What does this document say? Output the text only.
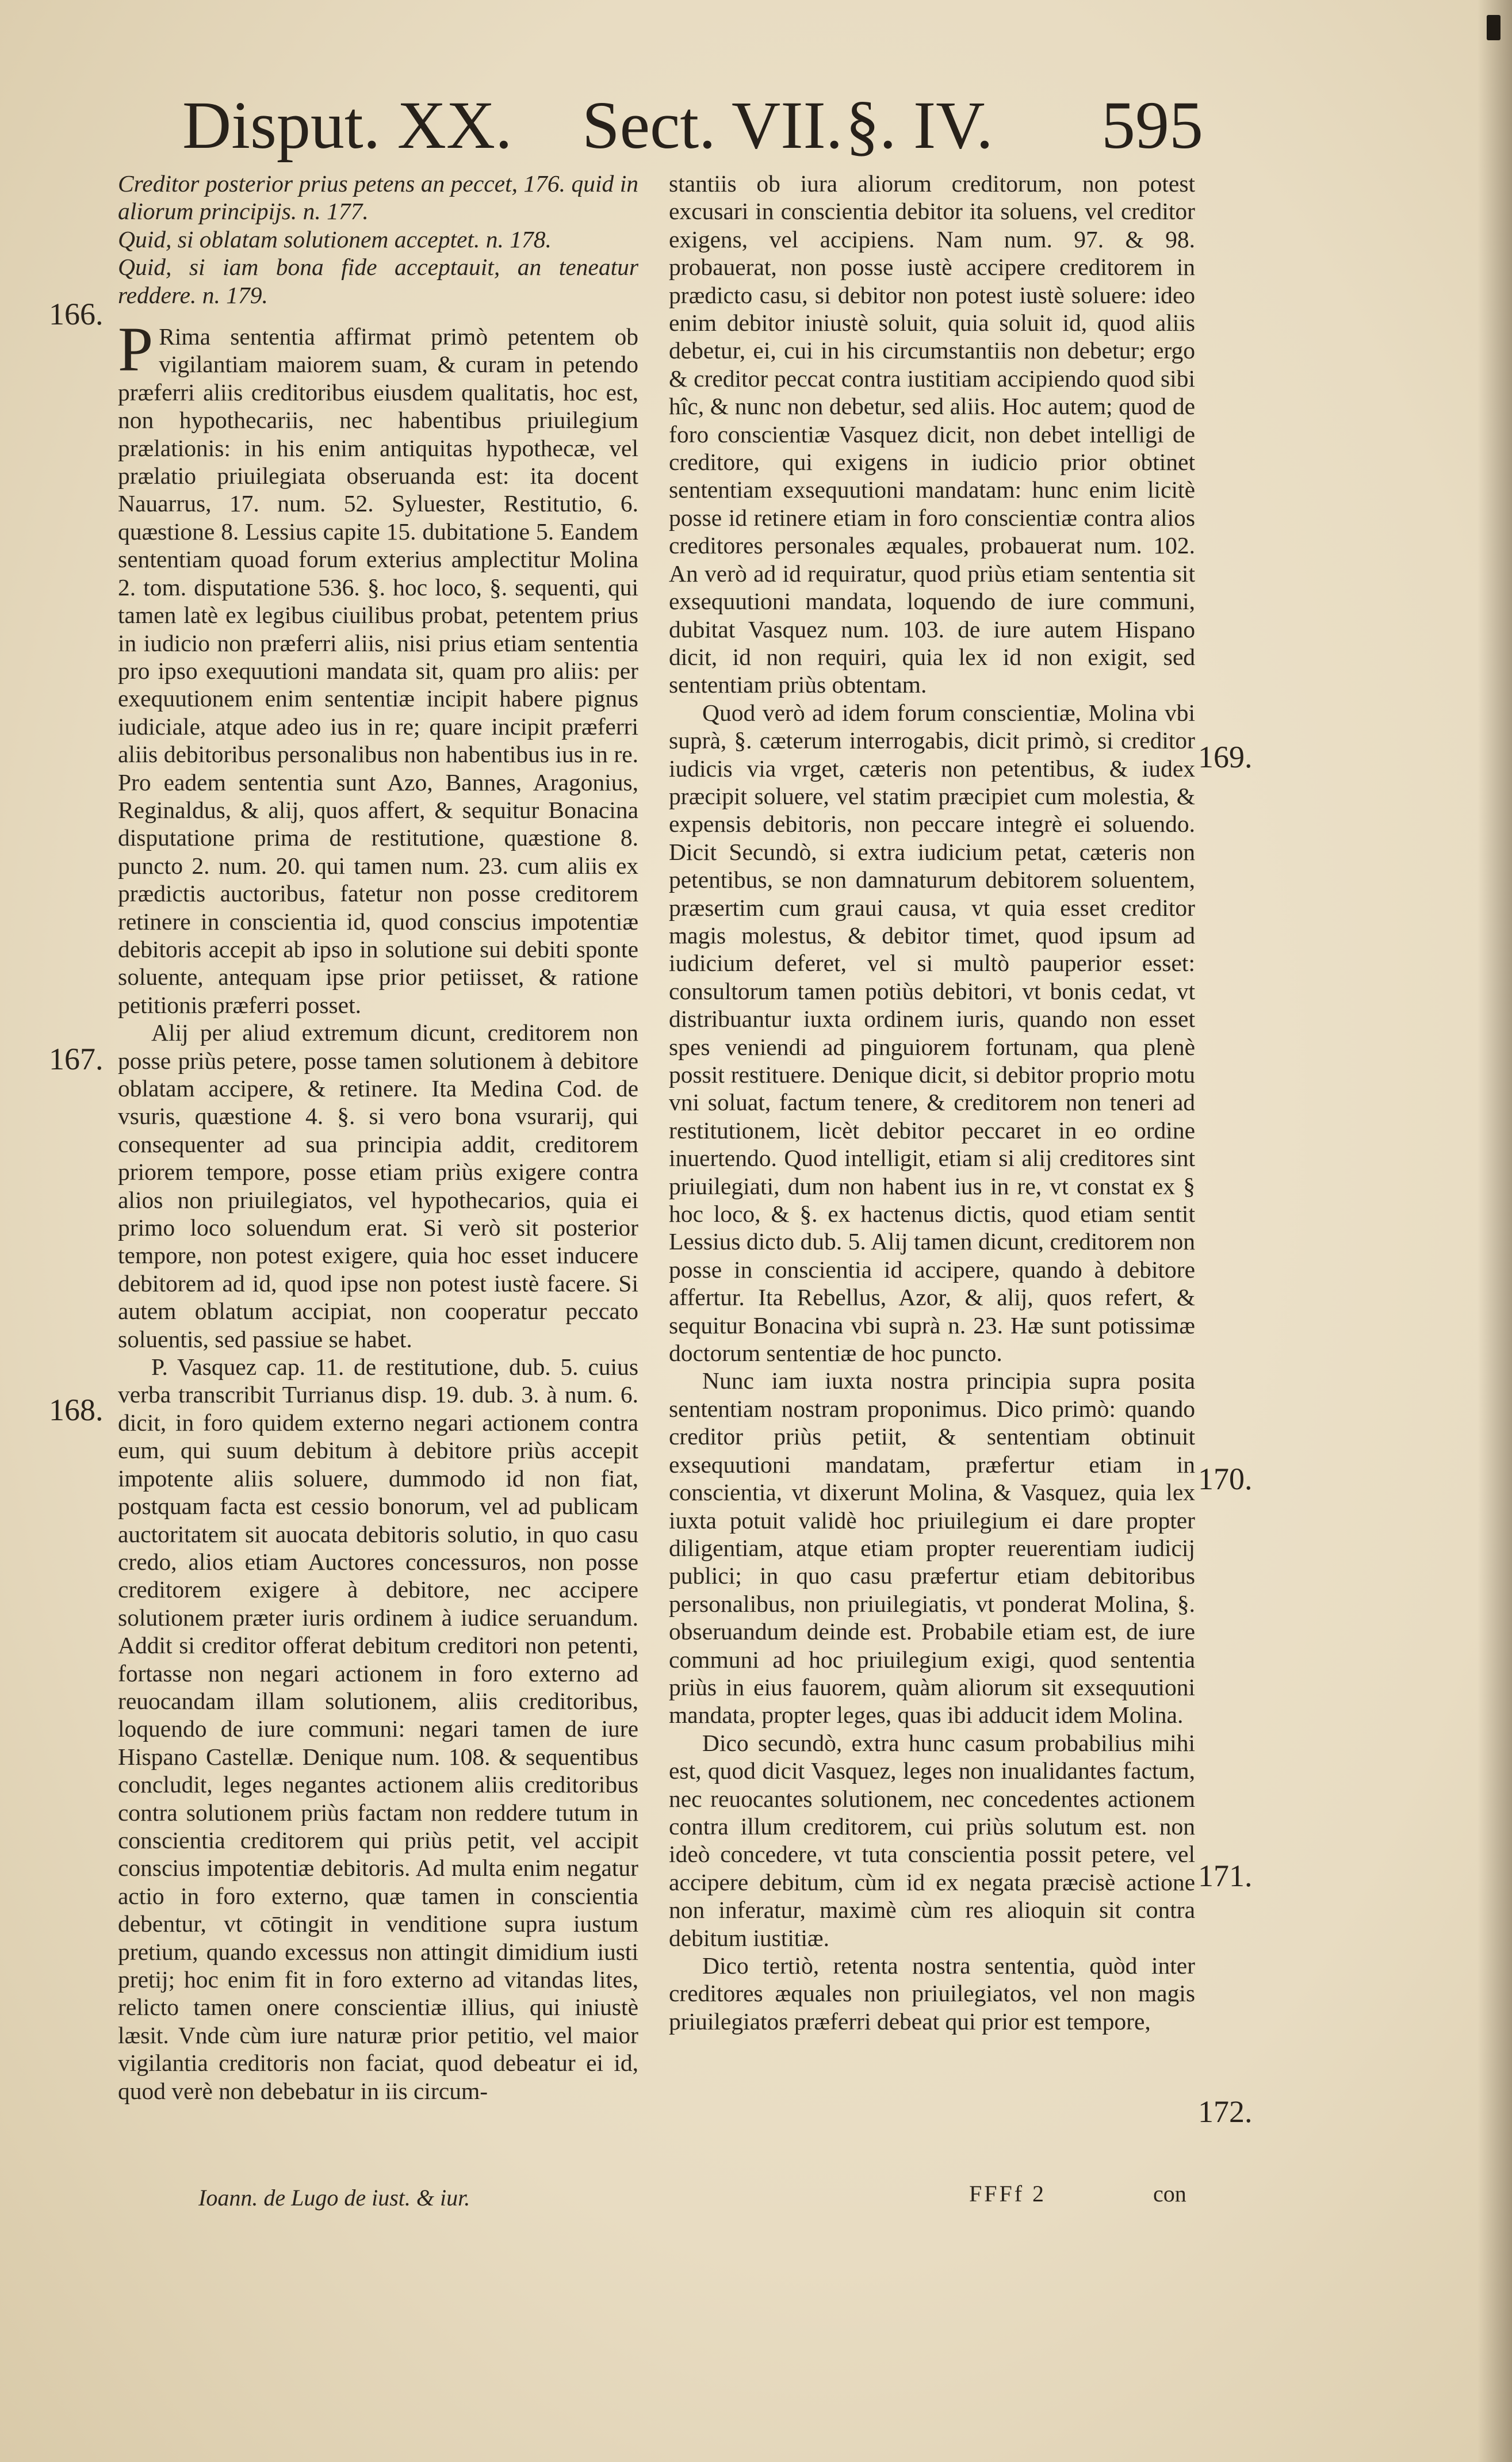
Disput. XX. Sect. VII. §. IV. 595

Creditor posterior prius petens an peccet, 176. quid in aliorum principijs. n. 177.

Quid, si oblatam solutionem acceptet. n. 178.

Quid, si iam bona fide acceptauit, an teneatur reddere. n. 179.

P Rima sententia affirmat primò petentem ob vigilantiam maiorem suam, & curam in petendo præferri aliis creditoribus eiusdem qualitatis, hoc est, non hypothecariis, nec habentibus priuilegium prælationis: in his enim antiquitas hypothecæ, vel prælatio priuilegiata obseruanda est: ita docent Nauarrus, 17. num. 52. Syluester, Restitutio, 6. quæstione 8. Lessius capite 15. dubitatione 5. Eandem sententiam quoad forum exterius amplectitur Molina 2. tom. disputatione 536. §. hoc loco, §. sequenti, qui tamen latè ex legibus ciuilibus probat, petentem prius in iudicio non præferri aliis, nisi prius etiam sententia pro ipso exequutioni mandata sit, quam pro aliis: per exequutionem enim sententiæ incipit habere pignus iudiciale, atque adeo ius in re; quare incipit præferri aliis debitoribus personalibus non habentibus ius in re. Pro eadem sententia sunt Azo, Bannes, Aragonius, Reginaldus, & alij, quos affert, & sequitur Bonacina disputatione prima de restitutione, quæstione 8. puncto 2. num. 20. qui tamen num. 23. cum aliis ex prædictis auctoribus, fatetur non posse creditorem retinere in conscientia id, quod conscius impotentiæ debitoris accepit ab ipso in solutione sui debiti sponte soluente, antequam ipse prior petiisset, & ratione petitionis præferri posset.

Alij per aliud extremum dicunt, creditorem non posse priùs petere, posse tamen solutionem à debitore oblatam accipere, & retinere. Ita Medina Cod. de vsuris, quæstione 4. §. si vero bona vsurarij, qui consequenter ad sua principia addit, creditorem priorem tempore, posse etiam priùs exigere contra alios non priuilegiatos, vel hypothecarios, quia ei primo loco soluendum erat. Si verò sit posterior tempore, non potest exigere, quia hoc esset inducere debitorem ad id, quod ipse non potest iustè facere. Si autem oblatum accipiat, non cooperatur peccato soluentis, sed passiue se habet.

P. Vasquez cap. 11. de restitutione, dub. 5. cuius verba transcribit Turrianus disp. 19. dub. 3. à num. 6. dicit, in foro quidem externo negari actionem contra eum, qui suum debitum à debitore priùs accepit impotente aliis soluere, dummodo id non fiat, postquam facta est cessio bonorum, vel ad publicam auctoritatem sit auocata debitoris solutio, in quo casu credo, alios etiam Auctores concessuros, non posse creditorem exigere à debitore, nec accipere solutionem præter iuris ordinem à iudice seruandum. Addit si creditor offerat debitum creditori non petenti, fortasse non negari actionem in foro externo ad reuocandam illam solutionem, aliis creditoribus, loquendo de iure communi: negari tamen de iure Hispano Castellæ. Denique num. 108. & sequentibus concludit, leges negantes actionem aliis creditoribus contra solutionem priùs factam non reddere tutum in conscientia creditorem qui priùs petit, vel accipit conscius impotentiæ debitoris. Ad multa enim negatur actio in foro externo, quæ tamen in conscientia debentur, vt cōtingit in venditione supra iustum pretium, quando excessus non attingit dimidium iusti pretij; hoc enim fit in foro externo ad vitandas lites, relicto tamen onere conscientiæ illius, qui iniustè læsit. Vnde cùm iure naturæ prior petitio, vel maior vigilantia creditoris non faciat, quod debeatur ei id, quod verè non debebatur in iis circum-

stantiis ob iura aliorum creditorum, non potest excusari in conscientia debitor ita soluens, vel creditor exigens, vel accipiens. Nam num. 97. & 98. probauerat, non posse iustè accipere creditorem in prædicto casu, si debitor non potest iustè soluere: ideo enim debitor iniustè soluit, quia soluit id, quod aliis debetur, ei, cui in his circumstantiis non debetur; ergo & creditor peccat contra iustitiam accipiendo quod sibi hîc, & nunc non debetur, sed aliis. Hoc autem; quod de foro conscientiæ Vasquez dicit, non debet intelligi de creditore, qui exigens in iudicio prior obtinet sententiam exsequutioni mandatam: hunc enim licitè posse id retinere etiam in foro conscientiæ contra alios creditores personales æquales, probauerat num. 102. An verò ad id requiratur, quod priùs etiam sententia sit exsequutioni mandata, loquendo de iure communi, dubitat Vasquez num. 103. de iure autem Hispano dicit, id non requiri, quia lex id non exigit, sed sententiam priùs obtentam.

Quod verò ad idem forum conscientiæ, Molina vbi suprà, §. cæterum interrogabis, dicit primò, si creditor iudicis via vrget, cæteris non petentibus, & iudex præcipit soluere, vel statim præcipiet cum molestia, & expensis debitoris, non peccare integrè ei soluendo. Dicit Secundò, si extra iudicium petat, cæteris non petentibus, se non damnaturum debitorem soluentem, præsertim cum graui causa, vt quia esset creditor magis molestus, & debitor timet, quod ipsum ad iudicium deferet, vel si multò pauperior esset: consultorum tamen potiùs debitori, vt bonis cedat, vt distribuantur iuxta ordinem iuris, quando non esset spes veniendi ad pinguiorem fortunam, qua plenè possit restituere. Denique dicit, si debitor proprio motu vni soluat, factum tenere, & creditorem non teneri ad restitutionem, licèt debitor peccaret in eo ordine inuertendo. Quod intelligit, etiam si alij creditores sint priuilegiati, dum non habent ius in re, vt constat ex § hoc loco, & §. ex hactenus dictis, quod etiam sentit Lessius dicto dub. 5. Alij tamen dicunt, creditorem non posse in conscientia id accipere, quando à debitore affertur. Ita Rebellus, Azor, & alij, quos refert, & sequitur Bonacina vbi suprà n. 23. Hæ sunt potissimæ doctorum sententiæ de hoc puncto.

Nunc iam iuxta nostra principia supra posita sententiam nostram proponimus. Dico primò: quando creditor priùs petiit, & sententiam obtinuit exsequutioni mandatam, præfertur etiam in conscientia, vt dixerunt Molina, & Vasquez, quia lex iuxta potuit validè hoc priuilegium ei dare propter diligentiam, atque etiam propter reuerentiam iudicij publici; in quo casu præfertur etiam debitoribus personalibus, non priuilegiatis, vt ponderat Molina, §. obseruandum deinde est. Probabile etiam est, de iure communi ad hoc priuilegium exigi, quod sententia priùs in eius fauorem, quàm aliorum sit exsequutioni mandata, propter leges, quas ibi adducit idem Molina.

Dico secundò, extra hunc casum probabilius mihi est, quod dicit Vasquez, leges non inualidantes factum, nec reuocantes solutionem, nec concedentes actionem contra illum creditorem, cui priùs solutum est. non ideò concedere, vt tuta conscientia possit petere, vel accipere debitum, cùm id ex negata præcisè actione non inferatur, maximè cùm res alioquin sit contra debitum iustitiæ.

Dico tertiò, retenta nostra sententia, quòd inter creditores æquales non priuilegiatos, vel non magis priuilegiatos præferri debeat qui prior est tempore,

166.
167.
168.
169.
170.
171.
172.
Ioann. de Lugo de iust. & iur.	FFFf 2	con
